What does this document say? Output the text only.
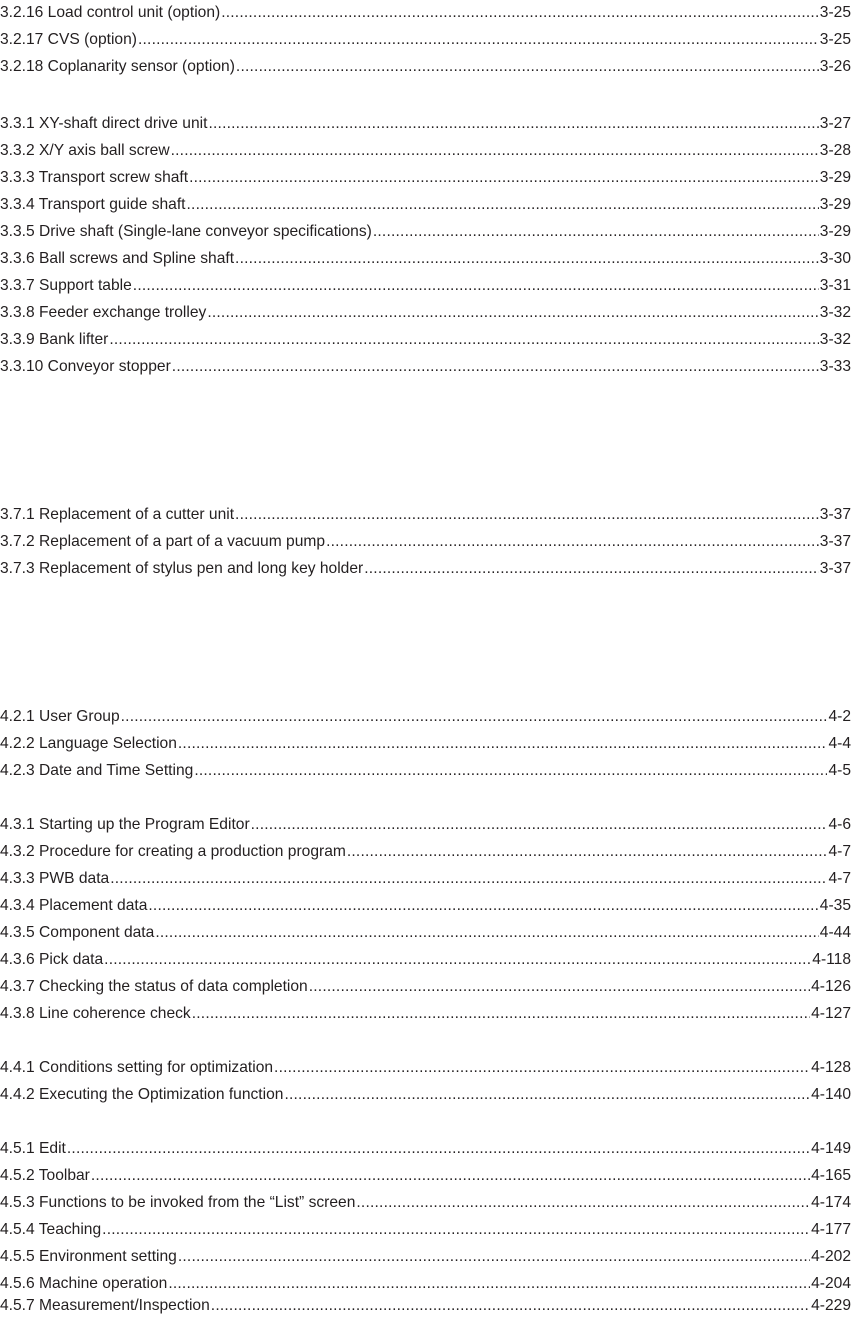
3.2.16 Load control unit (option) .....	3-25
3.2.17 CVS (option) .....	3-25
3.2.18 Coplanarity sensor (option) .....	3-26
3.3.1 XY-shaft direct drive unit .....	3-27
3.3.2 X/Y axis ball screw .....	3-28
3.3.3 Transport screw shaft .....	3-29
3.3.4 Transport guide shaft .....	3-29
3.3.5 Drive shaft (Single-lane conveyor specifications) .....	3-29
3.3.6 Ball screws and Spline shaft .....	3-30
3.3.7 Support table .....	3-31
3.3.8 Feeder exchange trolley .....	3-32
3.3.9 Bank lifter .....	3-32
3.3.10 Conveyor stopper .....	3-33
3.7.1 Replacement of a cutter unit .....	3-37
3.7.2 Replacement of a part of a vacuum pump .....	3-37
3.7.3 Replacement of stylus pen and long key holder .....	3-37
4.2.1 User Group .....	4-2
4.2.2 Language Selection .....	4-4
4.2.3 Date and Time Setting .....	4-5
4.3.1 Starting up the Program Editor .....	4-6
4.3.2 Procedure for creating a production program .....	4-7
4.3.3 PWB data .....	4-7
4.3.4 Placement data .....	4-35
4.3.5 Component data .....	4-44
4.3.6 Pick data .....	4-118
4.3.7 Checking the status of data completion .....	4-126
4.3.8 Line coherence check .....	4-127
4.4.1 Conditions setting for optimization .....	4-128
4.4.2 Executing the Optimization function .....	4-140
4.5.1 Edit .....	4-149
4.5.2 Toolbar .....	4-165
4.5.3 Functions to be invoked from the “List” screen .....	4-174
4.5.4 Teaching .....	4-177
4.5.5 Environment setting .....	4-202
4.5.6 Machine operation .....	4-204
4.5.7 Measurement/Inspection .....	4-229
